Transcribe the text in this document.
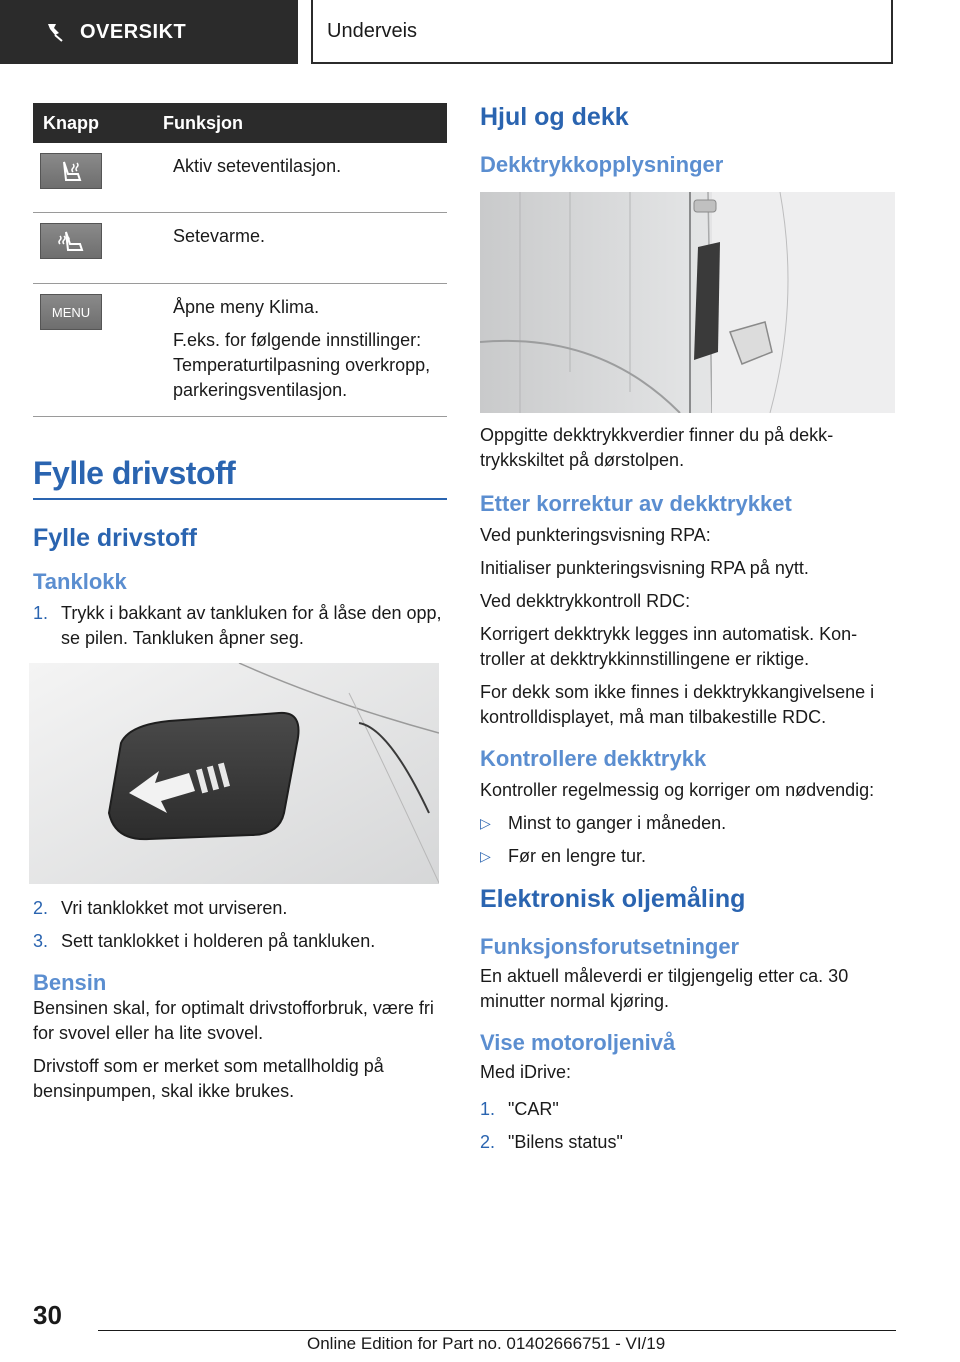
OVERSIKT	Underveis
Knapp	Funksjon

Aktiv seteventilasjon.

Setevarme.

MENU	Åpne meny Klima.

F.eks. for følgende innstillinger: Temperaturtilpasning overkropp, parkeringsventilasjon.

Fylle drivstoff
Fylle drivstoff
Tanklokk
1. Trykk i bakkant av tankluken for å låse den opp, se pilen. Tankluken åpner seg.
2. Vri tanklokket mot urviseren.
3. Sett tanklokket i holderen på tankluken.
Bensin

Bensinen skal, for optimalt drivstofforbruk, være fri for svovel eller ha lite svovel.

Drivstoff som er merket som metallholdig på bensinpumpen, skal ikke brukes.

Hjul og dekk
Dekktrykkopplysninger

Oppgitte dekktrykkverdier finner du på dekktrykkskiltet på dørstolpen.

Etter korrektur av dekktrykket

Ved punkteringsvisning RPA:

Initialiser punkteringsvisning RPA på nytt.

Ved dekktrykkontroll RDC:

Korrigert dekktrykk legges inn automatisk. Kontroller at dekktrykkinnstillingene er riktige.

For dekk som ikke finnes i dekktrykkangivelsene i kontrolldisplayet, må man tilbakestille RDC.

Kontrollere dekktrykk

Kontroller regelmessig og korriger om nødvendig:

▷ Minst to ganger i måneden.
▷ Før en lengre tur.
Elektronisk oljemåling
Funksjonsforutsetninger

En aktuell måleverdi er tilgjengelig etter ca. 30 minutter normal kjøring.

Vise motoroljenivå

Med iDrive:

1. "CAR"
2. "Bilens status"
30
Online Edition for Part no. 01402666751 - VI/19
